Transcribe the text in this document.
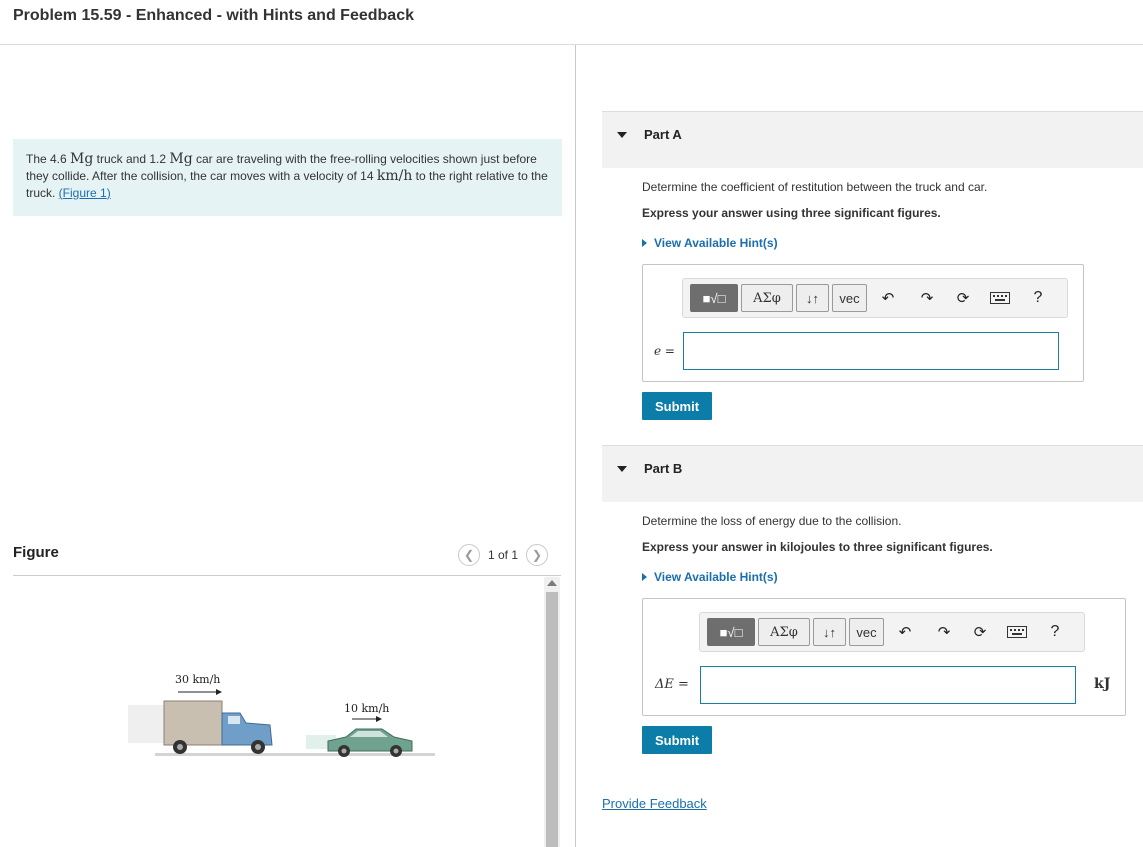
Problem 15.59 - Enhanced - with Hints and Feedback
The 4.6 Mg truck and 1.2 Mg car are traveling with the free-rolling velocities shown just before they collide. After the collision, the car moves with a velocity of 14 km/h to the right relative to the truck. (Figure 1)
Figure	❮	1 of 1	❯
30 km/h
10 km/h
Part A
Determine the coefficient of restitution between the truck and car.
Express your answer using three significant figures.
View Available Hint(s)
■√□	ΑΣφ	↓↑	vec	↶ ↷ ⟳	?
e =
Submit
Part B
Determine the loss of energy due to the collision.
Express your answer in kilojoules to three significant figures.
View Available Hint(s)
■√□	ΑΣφ	↓↑	vec	↶ ↷ ⟳	?
ΔE =	kJ
Submit
Provide Feedback
